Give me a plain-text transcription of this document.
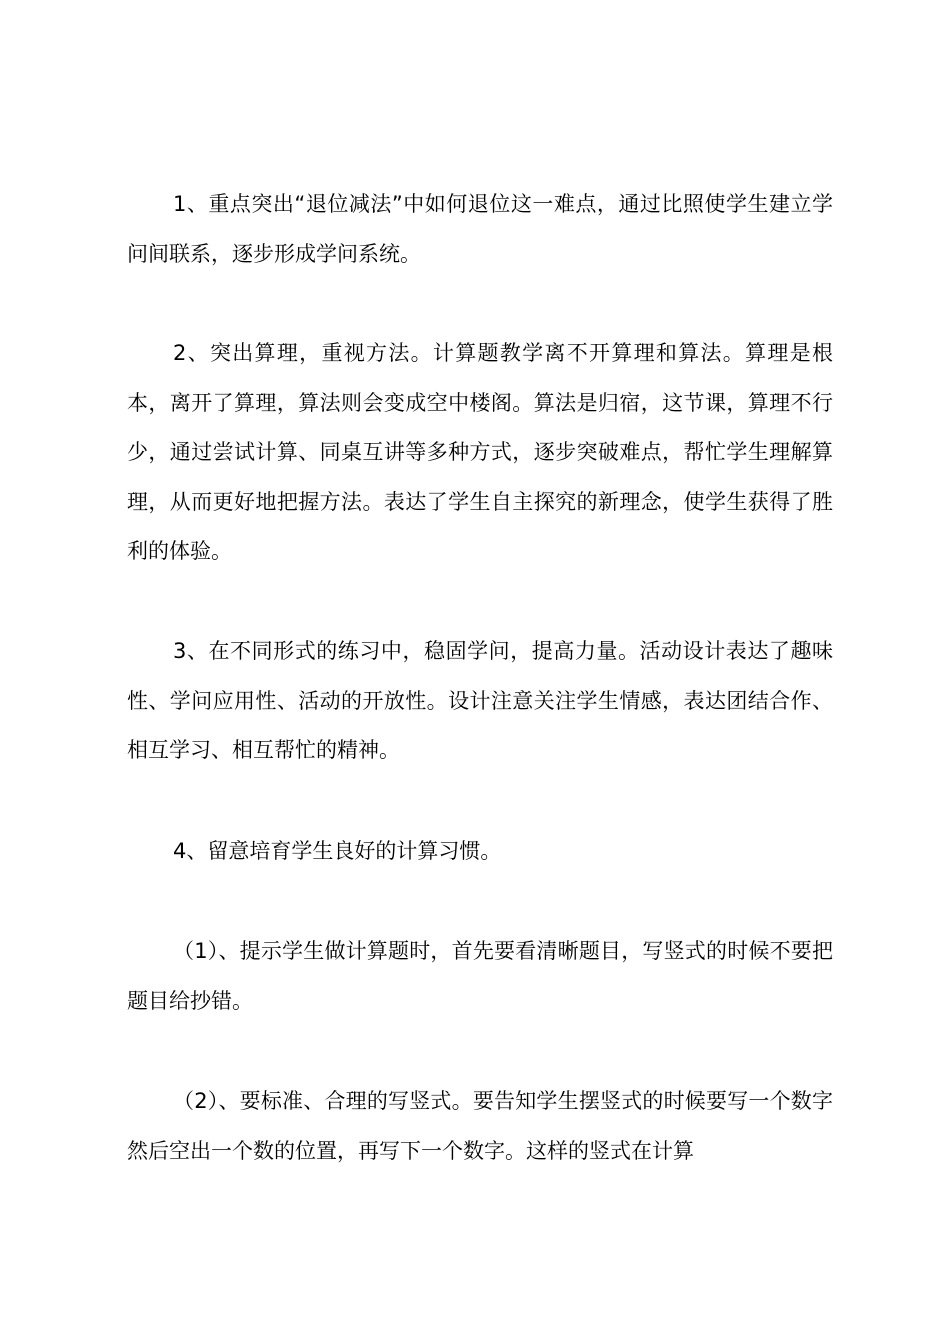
1、重点突出“退位减法”中如何退位这一难点，通过比照使学生建立学问间联系，逐步形成学问系统。

2、突出算理，重视方法。计算题教学离不开算理和算法。算理是根本，离开了算理，算法则会变成空中楼阁。算法是归宿，这节课，算理不行少，通过尝试计算、同桌互讲等多种方式，逐步突破难点，帮忙学生理解算理，从而更好地把握方法。表达了学生自主探究的新理念，使学生获得了胜利的体验。

3、在不同形式的练习中，稳固学问，提高力量。活动设计表达了趣味性、学问应用性、活动的开放性。设计注意关注学生情感，表达团结合作、相互学习、相互帮忙的精神。

4、留意培育学生良好的计算习惯。

（1）、提示学生做计算题时，首先要看清晰题目，写竖式的时候不要把题目给抄错。

（2）、要标准、合理的写竖式。要告知学生摆竖式的时候要写一个数字然后空出一个数的位置，再写下一个数字。这样的竖式在计算
